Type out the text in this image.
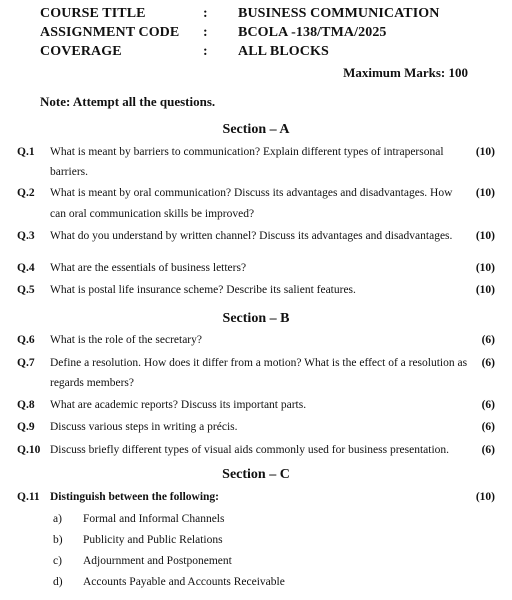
COURSE TITLE	: BUSINESS COMMUNICATION
ASSIGNMENT CODE : BCOLA -138/TMA/2025
COVERAGE	: ALL BLOCKS
Maximum Marks: 100
Note: Attempt all the questions.
Section – A
Q.1 What is meant by barriers to communication? Explain different types of intrapersonal	(10)
barriers.
Q.2 What is meant by oral communication? Discuss its advantages and disadvantages. How (10)
can oral communication skills be improved?
Q.3 What do you understand by written channel? Discuss its advantages and disadvantages. (10)
Q.4 What are the essentials of business letters?	(10)
Q.5 What is postal life insurance scheme? Describe its salient features.	(10)
Section – B
Q.6 What is the role of the secretary?	(6)
Q.7 Define a resolution. How does it differ from a motion? What is the effect of a resolution as (6)
regards members?
Q.8 What are academic reports? Discuss its important parts.	(6)
Q.9 Discuss various steps in writing a précis.	(6)
Q.10 Discuss briefly different types of visual aids commonly used for business presentation.	(6)
Section – C
Q.11 Distinguish between the following:	(10)
a) Formal and Informal Channels
b) Publicity and Public Relations
c) Adjournment and Postponement
d) Accounts Payable and Accounts Receivable
